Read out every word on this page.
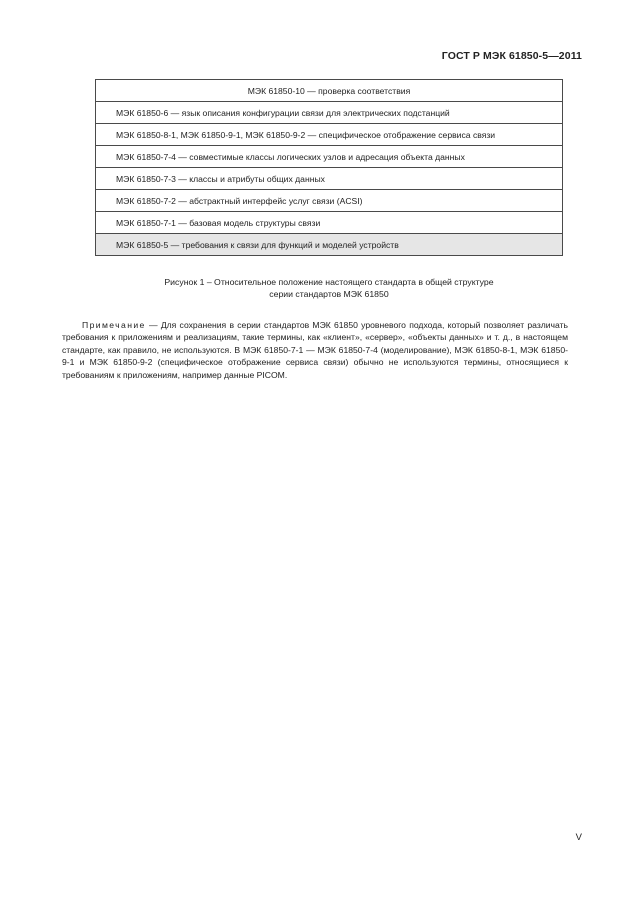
ГОСТ Р МЭК 61850-5—2011
МЭК 61850-10 — проверка соответствия
МЭК 61850-6 — язык описания конфигурации связи для электрических подстанций
МЭК 61850-8-1, МЭК 61850-9-1, МЭК 61850-9-2 — специфическое отображение сервиса связи
МЭК 61850-7-4 — совместимые классы логических узлов и адресация объекта данных
МЭК 61850-7-3 — классы и атрибуты общих данных
МЭК 61850-7-2 — абстрактный интерфейс услуг связи (ACSI)
МЭК 61850-7-1 — базовая модель структуры связи
МЭК 61850-5 — требования к связи для функций и моделей устройств
Рисунок 1 – Относительное положение настоящего стандарта в общей структуре
серии стандартов МЭК 61850

Примечание — Для сохранения в серии стандартов МЭК 61850 уровневого подхода, который позволяет различать требования к приложениям и реализациям, такие термины, как «клиент», «сервер», «объекты данных» и т. д., в настоящем стандарте, как правило, не используются. В МЭК 61850-7-1 — МЭК 61850-7-4 (моделирование), МЭК 61850-8-1, МЭК 61850-9-1 и МЭК 61850-9-2 (специфическое отображение сервиса связи) обычно не используются термины, относящиеся к требованиям к приложениям, например данные PICOM.

V
